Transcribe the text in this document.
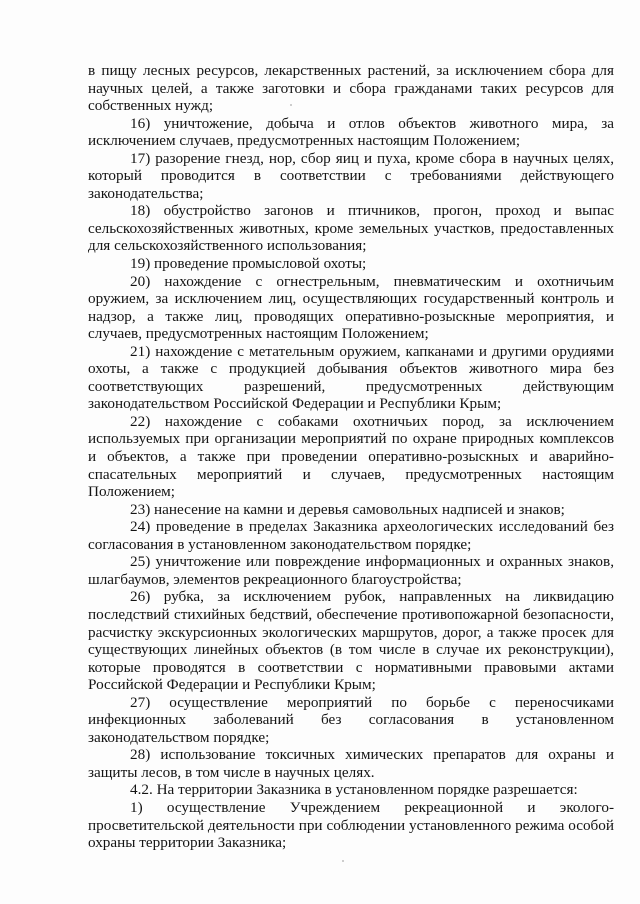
в пищу лесных ресурсов, лекарственных растений, за исключением сбора для научных целей, а также заготовки и сбора гражданами таких ресурсов для собственных нужд;

16) уничтожение, добыча и отлов объектов животного мира, за исключением случаев, предусмотренных настоящим Положением;

17) разорение гнезд, нор, сбор яиц и пуха, кроме сбора в научных целях, который проводится в соответствии с требованиями действующего законодательства;

18) обустройство загонов и птичников, прогон, проход и выпас сельскохозяйственных животных, кроме земельных участков, предоставленных для сельскохозяйственного использования;

19) проведение промысловой охоты;

20) нахождение с огнестрельным, пневматическим и охотничьим оружием, за исключением лиц, осуществляющих государственный контроль и надзор, а также лиц, проводящих оперативно-розыскные мероприятия, и случаев, предусмотренных настоящим Положением;

21) нахождение с метательным оружием, капканами и другими орудиями охоты, а также с продукцией добывания объектов животного мира без соответствующих разрешений, предусмотренных действующим законодательством Российской Федерации и Республики Крым;

22) нахождение с собаками охотничьих пород, за исключением используемых при организации мероприятий по охране природных комплексов и объектов, а также при проведении оперативно-розыскных и аварийно-спасательных мероприятий и случаев, предусмотренных настоящим Положением;

23) нанесение на камни и деревья самовольных надписей и знаков;

24) проведение в пределах Заказника археологических исследований без согласования в установленном законодательством порядке;

25) уничтожение или повреждение информационных и охранных знаков, шлагбаумов, элементов рекреационного благоустройства;

26) рубка, за исключением рубок, направленных на ликвидацию последствий стихийных бедствий, обеспечение противопожарной безопасности, расчистку экскурсионных экологических маршрутов, дорог, а также просек для существующих линейных объектов (в том числе в случае их реконструкции), которые проводятся в соответствии с нормативными правовыми актами Российской Федерации и Республики Крым;

27) осуществление мероприятий по борьбе с переносчиками инфекционных заболеваний без согласования в установленном законодательством порядке;

28) использование токсичных химических препаратов для охраны и защиты лесов, в том числе в научных целях.

4.2. На территории Заказника в установленном порядке разрешается:

1) осуществление Учреждением рекреационной и эколого-просветительской деятельности при соблюдении установленного режима особой охраны территории Заказника;
